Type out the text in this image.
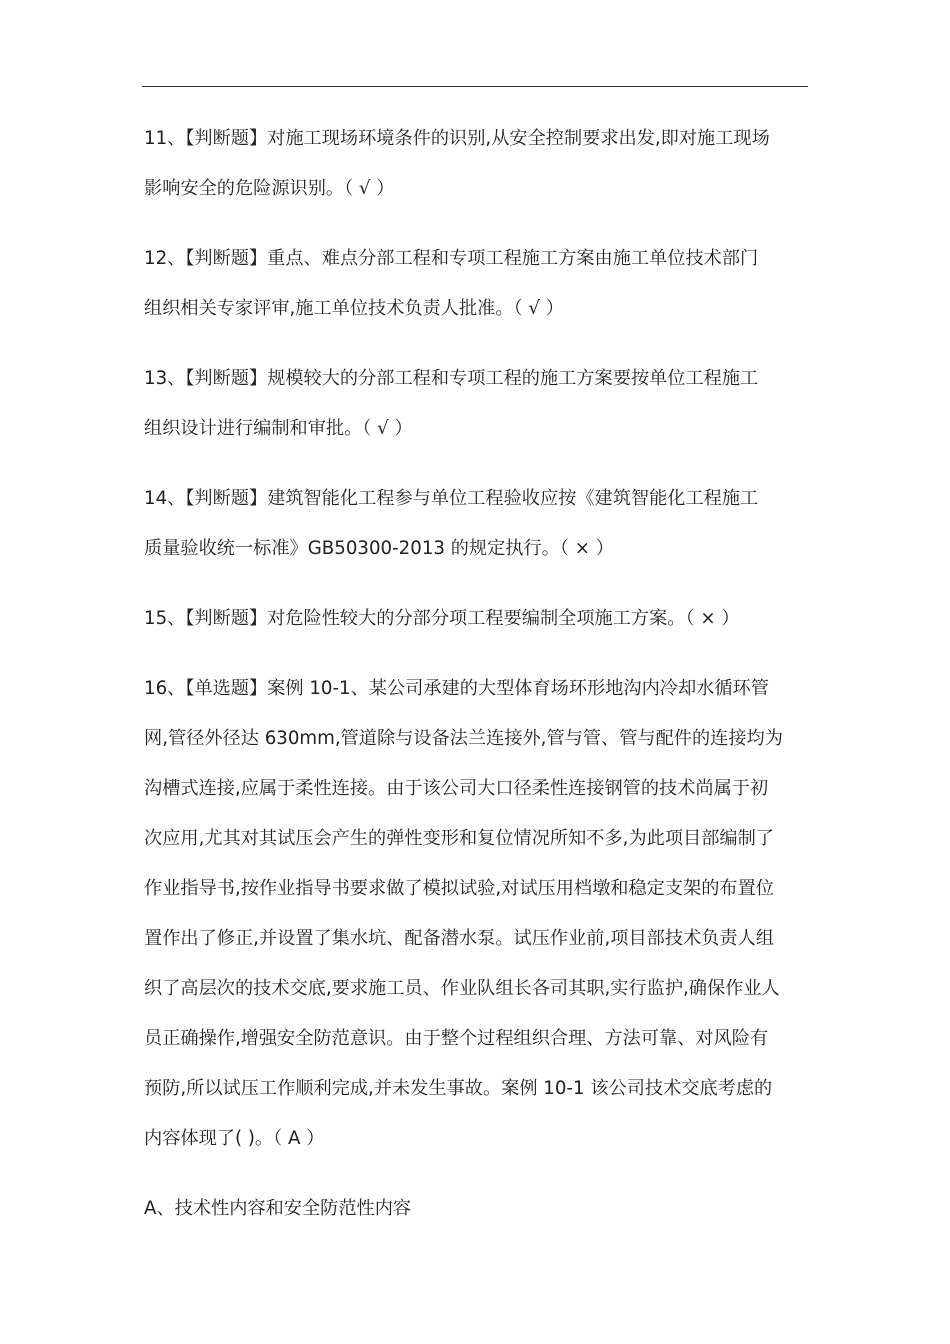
11、【判断题】对施工现场环境条件的识别,从安全控制要求出发,即对施工现场
影响安全的危险源识别。（ √ ）
12、【判断题】重点、难点分部工程和专项工程施工方案由施工单位技术部门
组织相关专家评审,施工单位技术负责人批准。（ √ ）
13、【判断题】规模较大的分部工程和专项工程的施工方案要按单位工程施工
组织设计进行编制和审批。（ √ ）
14、【判断题】建筑智能化工程参与单位工程验收应按《建筑智能化工程施工
质量验收统一标准》GB50300-2013 的规定执行。（ × ）
15、【判断题】对危险性较大的分部分项工程要编制全项施工方案。（ × ）
16、【单选题】案例 10-1、某公司承建的大型体育场环形地沟内冷却水循环管
网,管径外径达 630mm,管道除与设备法兰连接外,管与管、管与配件的连接均为
沟槽式连接,应属于柔性连接。由于该公司大口径柔性连接钢管的技术尚属于初
次应用,尤其对其试压会产生的弹性变形和复位情况所知不多,为此项目部编制了
作业指导书,按作业指导书要求做了模拟试验,对试压用档墩和稳定支架的布置位
置作出了修正,并设置了集水坑、配备潜水泵。试压作业前,项目部技术负责人组
织了高层次的技术交底,要求施工员、作业队组长各司其职,实行监护,确保作业人
员正确操作,增强安全防范意识。由于整个过程组织合理、方法可靠、对风险有
预防,所以试压工作顺利完成,并未发生事故。案例 10-1 该公司技术交底考虑的
内容体现了( )。（ A ）
A、技术性内容和安全防范性内容
